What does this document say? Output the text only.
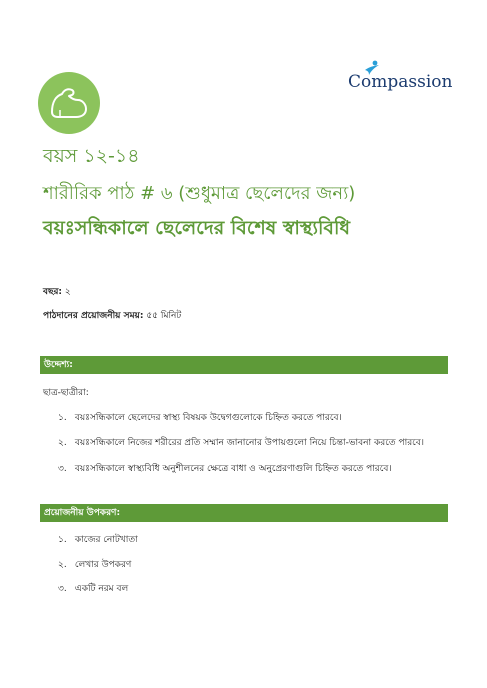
Compassion
বয়স ১২-১৪
শারীরিক পাঠ # ৬ (শুধুমাত্র ছেলেদের জন্য)
বয়ঃসন্ধিকালে ছেলেদের বিশেষ স্বাস্থ্যবিধি
বছর: ২
পাঠদানের প্রয়োজনীয় সময়: ৫৫ মিনিট
উদ্দেশ্য:
ছাত্র-ছাত্রীরা:
১. বয়ঃসন্ধিকালে ছেলেদের স্বাস্থ্য বিষয়ক উদ্বেগগুলোকে চিহ্নিত করতে পারবে।
২. বয়ঃসন্ধিকালে নিজের শরীরের প্রতি সম্মান জানানোর উপায়গুলো নিয়ে চিন্তা-ভাবনা করতে পারবে।
৩. বয়ঃসন্ধিকালে স্বাস্থ্যবিধি অনুশীলনের ক্ষেত্রে বাধা ও অনুপ্রেরণাগুলি চিহ্নিত করতে পারবে।
প্রয়োজনীয় উপকরণ:
১. কাজের নোটখাতা
২. লেখার উপকরণ
৩. একটি নরম বল
